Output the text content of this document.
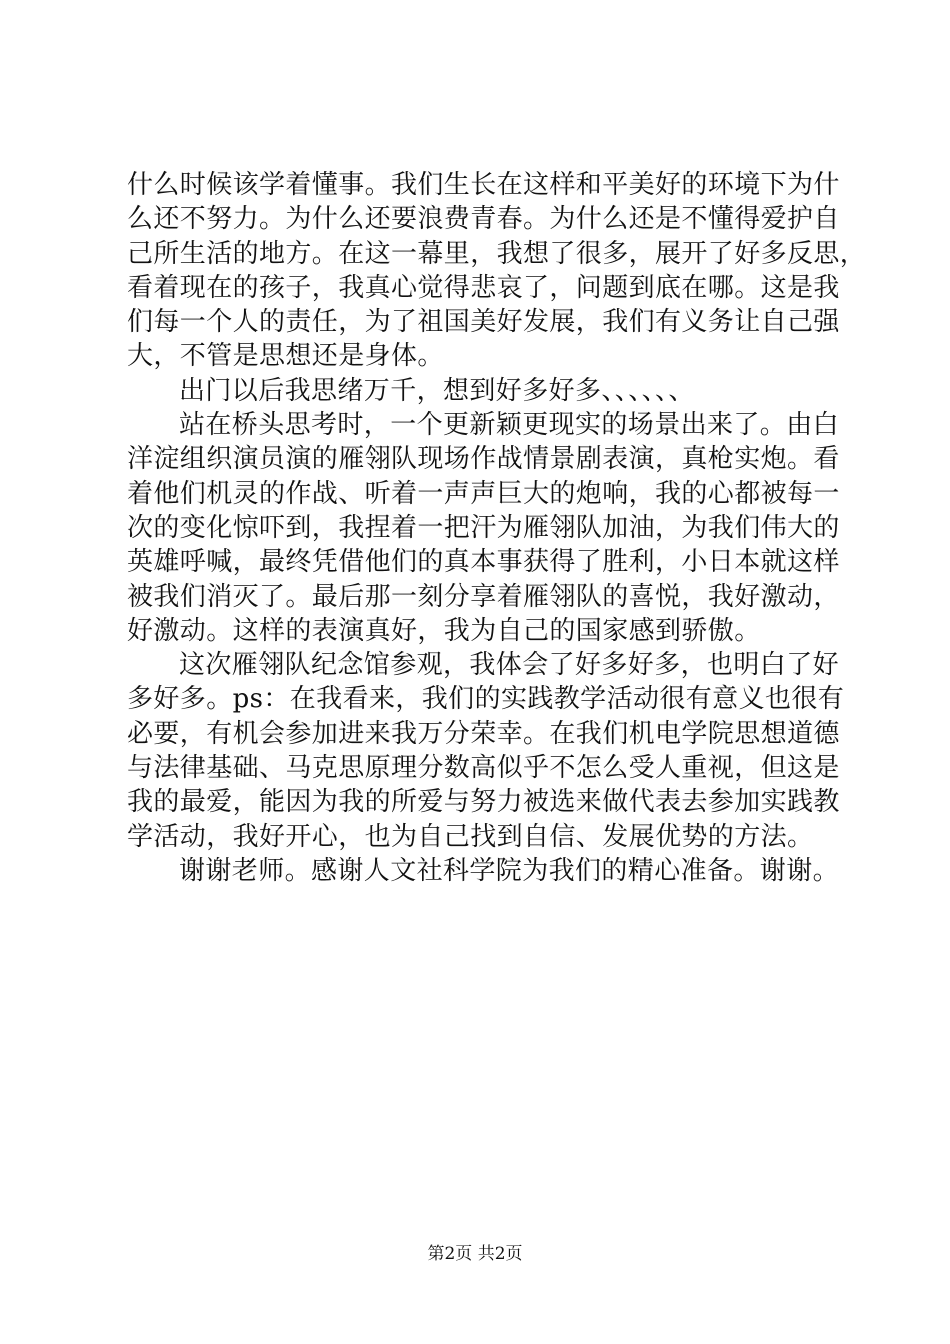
什么时候该学着懂事。我们生长在这样和平美好的环境下为什
么还不努力。为什么还要浪费青春。为什么还是不懂得爱护自
己所生活的地方。在这一幕里，我想了很多，展开了好多反思，
看着现在的孩子，我真心觉得悲哀了，问题到底在哪。这是我
们每一个人的责任，为了祖国美好发展，我们有义务让自己强
大，不管是思想还是身体。
出门以后我思绪万千，想到好多好多、、、、、、
站在桥头思考时，一个更新颖更现实的场景出来了。由白
洋淀组织演员演的雁翎队现场作战情景剧表演，真枪实炮。看
着他们机灵的作战、听着一声声巨大的炮响，我的心都被每一
次的变化惊吓到，我捏着一把汗为雁翎队加油，为我们伟大的
英雄呼喊，最终凭借他们的真本事获得了胜利，小日本就这样
被我们消灭了。最后那一刻分享着雁翎队的喜悦，我好激动，
好激动。这样的表演真好，我为自己的国家感到骄傲。
这次雁翎队纪念馆参观，我体会了好多好多，也明白了好
多好多。ps：在我看来，我们的实践教学活动很有意义也很有
必要，有机会参加进来我万分荣幸。在我们机电学院思想道德
与法律基础、马克思原理分数高似乎不怎么受人重视，但这是
我的最爱，能因为我的所爱与努力被选来做代表去参加实践教
学活动，我好开心，也为自己找到自信、发展优势的方法。
谢谢老师。感谢人文社科学院为我们的精心准备。谢谢。
第2页 共2页
